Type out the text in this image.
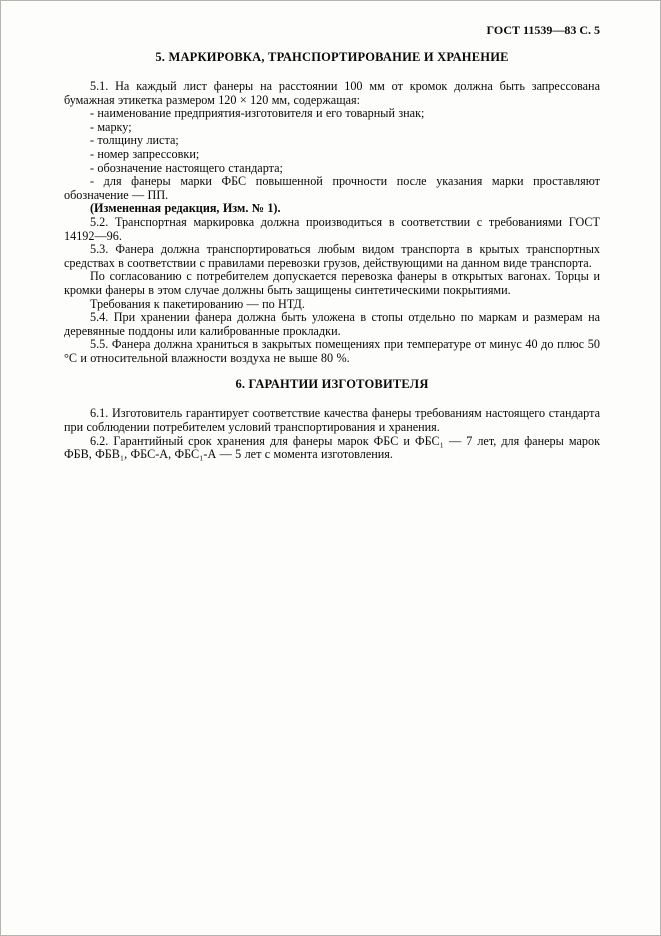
ГОСТ 11539—83 С. 5
5. МАРКИРОВКА, ТРАНСПОРТИРОВАНИЕ И ХРАНЕНИЕ

5.1. На каждый лист фанеры на расстоянии 100 мм от кромок должна быть запрессована бумажная этикетка размером 120 × 120 мм, содержащая:

- наименование предприятия-изготовителя и его товарный знак;

- марку;

- толщину листа;

- номер запрессовки;

- обозначение настоящего стандарта;

- для фанеры марки ФБС повышенной прочности после указания марки проставляют обозначение — ПП.

(Измененная редакция, Изм. № 1).

5.2. Транспортная маркировка должна производиться в соответствии с требованиями ГОСТ 14192—96.

5.3. Фанера должна транспортироваться любым видом транспорта в крытых транспортных средствах в соответствии с правилами перевозки грузов, действующими на данном виде транспорта.

По согласованию с потребителем допускается перевозка фанеры в открытых вагонах. Торцы и кромки фанеры в этом случае должны быть защищены синтетическими покрытиями.

Требования к пакетированию — по НТД.

5.4. При хранении фанера должна быть уложена в стопы отдельно по маркам и размерам на деревянные поддоны или калиброванные прокладки.

5.5. Фанера должна храниться в закрытых помещениях при температуре от минус 40 до плюс 50 °С и относительной влажности воздуха не выше 80 %.

6. ГАРАНТИИ ИЗГОТОВИТЕЛЯ

6.1. Изготовитель гарантирует соответствие качества фанеры требованиям настоящего стандарта при соблюдении потребителем условий транспортирования и хранения.

6.2. Гарантийный срок хранения для фанеры марок ФБС и ФБС₁ — 7 лет, для фанеры марок ФБВ, ФБВ₁, ФБС-А, ФБС₁-А — 5 лет с момента изготовления.
